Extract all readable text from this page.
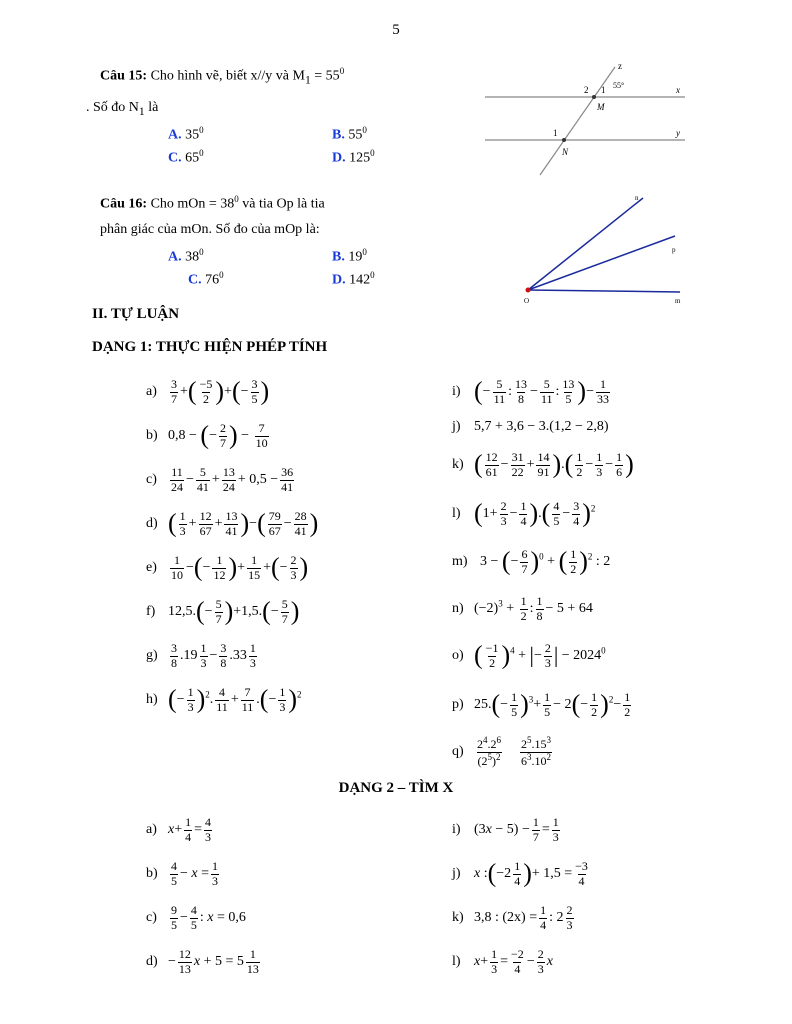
5
Câu 15: Cho hình vẽ, biết x//y và $M_1 = 55^0$
. Số đo $N_1$ là
A. $35^0$	B. $55^0$
C. $65^0$	D. $125^0$
z
x
y
M
N
2 1
1
55°
Câu 16: Cho mOn = $38^0$ và tia Op là tia
phân giác của mOn. Số đo của mOp là:
A. $38^0$	B. $19^0$
C. $76^0$	D. $142^0$
O	m
p
n
II. TỰ LUẬN
DẠNG 1: THỰC HIỆN PHÉP TÍNH
a)	$\frac{3}{7}$ +( $\frac{-5}{2}$ )+(− $\frac{3}{5}$ )
b) 0,8 − (− $\frac{2}{7}$ ) − $\frac{7}{10}$
c)	$\frac{11}{24} - \frac{5}{41} + \frac{13}{24} + 0,5 - \frac{36}{41}$
d) ( $\frac{1}{3} + \frac{12}{67} + \frac{13}{41}$ )−( $\frac{79}{67} - \frac{28}{41}$ )
e)	$\frac{1}{10}$ −(− $\frac{1}{12}$ )+ $\frac{1}{15}$ +(− $\frac{2}{3}$ )
f) $12,5.(- \frac{5}{7} )+1,5.(- \frac{5}{7}$ )
g)	$\frac{3}{8} .19 \frac{1}{3} - \frac{3}{8} .33 \frac{1}{3}$
h) (− $\frac{1}{3} )^2$. $\frac{4}{11} + \frac{7}{11}$ .(− $\frac{1}{3} )^2$
i) (− $\frac{5}{11}$ : $\frac{13}{8} - \frac{5}{11}$ : $\frac{13}{5}$ )− $\frac{1}{33}$
j) 5,7 + 3,6 − 3.(1,2 − 2,8)
k) ( $\frac{12}{61} - \frac{31}{22} + \frac{14}{91}$ ).( $\frac{1}{2} - \frac{1}{3} - \frac{1}{6}$ )
l) ($1+ \frac{2}{3} - \frac{1}{4}$ ).( $\frac{4}{5} - \frac{3}{4} )^2$
m) 3 − (− $\frac{6}{7} )^0$ + ( $\frac{1}{2} )^2$ : 2
n) $(-2)^3 + \frac{1}{2}$ : $\frac{1}{8} - 5 + 64$
o) ( $\frac{-1}{2} )^4$ + |− $\frac{2}{3}$ | − $2024^0$
p) $25.(- \frac{1}{5} )^3+ \frac{1}{5} - 2(- \frac{1}{2} )^2- \frac{1}{2}$
q)	$\frac{2^4.2^6}{(2^5)^2}$
$\frac{2^5.15^3}{6^3.10^2}$
DẠNG 2 – TÌM X
a) $x+ \frac{1}{4} = \frac{4}{3}$
b)	$\frac{4}{5} - x = \frac{1}{3}$
c)	$\frac{9}{5} - \frac{4}{5}$ : x = 0,6
$d) - \frac{12}{13}$ $x + 5 = 5 \frac{1}{13}$
i) $(3x - 5) - \frac{1}{7} = \frac{1}{3}$
j) x :(−2 $\frac{1}{4}$ )+ $1,5 = \frac{-3}{4}$
k) 3,8 : $(2x) = \frac{1}{4}$ : $2 \frac{2}{3}$
l) $x+ \frac{1}{3} = \frac{-2}{4} - \frac{2}{3}$ x
